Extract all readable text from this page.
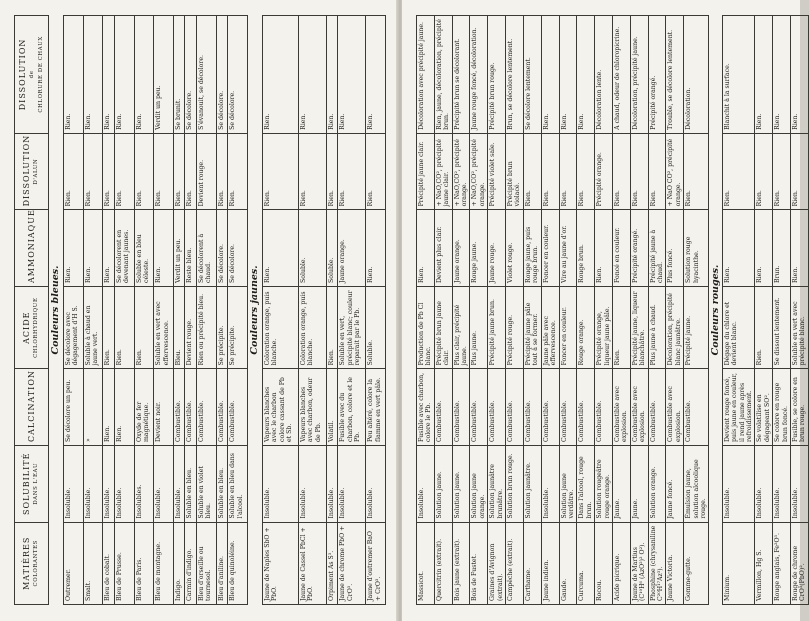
MATIÈRES COLORANTES	SOLUBILITÉ DANS L'EAU	CALCINATION	ACIDE CHLORHYDRIQUE	AMMONIAQUE	DISSOLUTION D'ALUN	DISSOLUTION de CHLORURE DE CHAUX
Couleurs bleues.						
Outremer.	Insoluble.	Se décolore un peu.	Se décolore avec dégagement d'H S.	Rien.	Rien.	Rien.
Smalt.	Insoluble.	»	Soluble à chaud en jaune vert.	Rien.	Rien.	Rien.
Bleu de cobalt.	Insoluble.	Rien.	Rien.	Rien.	Rien.	Rien.
Bleu de Prusse.	Insoluble.	Rien.	Rien.	Se décolorent en devenant jaunes.	Rien.	Rien.
Bleu de Paris.	Insolubles.	Oxyde de fer magnétique.	Rien.	Soluble en bleu céleste.	Rien.	Rien.
Bleu de montagne.	Insoluble.	Devient noir.	Soluble en vert avec effervescence.	Rien.	Rien.	Verdit un peu.
Indigo.	Insoluble.	Combustible.	Bleu.	Verdit un peu.	Rien.	Se brunit.
Carmin d'indigo.	Soluble en bleu.	Combustible.	Devient rouge.	Reste bleu.	Rien.	Se décolore.
Bleu d'orseille ou tournesol.	Soluble en violet bleu.	Combustible.	Rien ou précipité bleu.	Se décolorent à chaud.	Devient rouge.	S'évanouit, se décolore.
Bleu d'aniline.	Soluble en bleu.	Combustible.	Se précipite.	Se décolore.	Rien.	Se décolore.
Bleu de quinoléine.	Soluble en bleu dans l'alcool.	Combustible.	Se précipite.	Se décolore.	Rien.	Se décolore.
Couleurs jaunes.						
Jaune de Naples SbO + PbO.	Insoluble.	Vapeurs blanches avec le charbon colore cassant de Pb et Sb.	Coloration orange, puis blanche.	Rien.	Rien.	Rien.
Jaune de Cassel PbCl + PbO.	Insoluble.	Vapeurs blanches avec charbon, odeur de Pb.	Coloration orange, puis blanche.	Soluble.	Rien.	Rien.
Orpiment As S³.	Insoluble.	Volatil.	Rien.	Soluble.	Rien.	Rien.
Jaune de chrome PbO + CrO³.	Insoluble.	Fusible avec du charbon, colore et le Pb.	Soluble en vert, précipité blanc; couleur reparait par le Pb.	Jaune orange.	Rien.	Rien.
Jaune d'outremer BaO + CrO³.	Insoluble.	Peu altéré, colore la flamme en vert pâle.	Soluble.	Rien.	Rien.	Rien.
Massicot.	Insoluble.	Fusible avec charbon, colore le Pb.	Production de Pb Cl blanc.	Rien.	Précipité jaune clair.	Décoloration avec précipité jaune.
Quercitrin (extrait).	Solution jaune.	Combustible.	Précipité brun jaune clair.	Devient plus clair.	+ NaO,CO², précipité jaune clair.	Rien, jaune, décoloration, précipité brun.
Bois jaune (extrait).	Solution jaune.	Combustible.	Plus clair, précipité jaune.	Jaune orange.	+ NaO,CO², précipité orange.	Précipité brun se décolorant.
Bois de Fustet.	Solution jaune orange.	Combustible.	Plus jaune.	Rouge jaune.	+ NaO,CO², précipité orange.	Jaune rouge foncé, décoloration.
Graines d'Avignon (extrait).	Solution jaunâtre brunâtre.	Combustible.	Précipité jaune brun.	Jaune rouge.	Précipité violet sale.	Précipité brun rouge.
Campêche (extrait).	Solution brun rouge.	Combustible.	Précipité rouge.	Violet rouge.	Précipité brun violacé.	Brun, se décolore lentement.
Carthame.	Solution jaunâtre.	Combustible.	Précipité jaune pâle tout à se former.	Rouge jaune, puis rouge brun.	Rien.	Se décolore lentement.
Jaune indien.	Insoluble.	Combustible.	Jaune pâle avec effervescence.	Foncer en couleur.	Rien.	Rien.
Gaude.	Solution jaune verdâtre.	Combustible.	Foncer en couleur.	Vire au jaune d'or.	Rien.	Rien.
Curcuma.	Dans l'alcool, rouge brun.	Combustible.	Rouge orange.	Rouge brun.	Rien.	Rien.
Rocou.	Solution rougeâtre rouge orange.	Combustible.	Précipité orange, liqueur jaune pâle.	Rien.	Précipité orange.	Décoloration lente.
Acide picrique.	Jaune.	Combustible avec explosion.	Rien.	Foncé en couleur.	Rien.	A chaud, odeur de chloropicrine.
Jaune de Martius (C¹⁰H⁶ (AzO²)² O²).	Jaune.	Combustible avec explosion.	Précipité jaune, liqueur blanchâtre.	Précipité orangé.	Rien.	Décoloration, précipité jaune.
Phosphine (chrysaniline C²⁰H¹⁷Az³).	Solution orange.	Combustible.	Plus jaune à chaud.	Précipité jaune à chaud.	Rien.	Précipité orangé.
Jaune Victoria.	Jaune foncé.	Combustible avec explosion.	Décoloration, précipité blanc jaunâtre.	Plus foncé.	+ NaO CO², précipité orange.	Trouble, se décolore lentement.
Gomme-gutte.	Émulsion jaune, solution alcoolique rouge.	Combustible.	Précipité jaune.	Solution rouge hyacinthe.	Rien.	Décoloration.
Couleurs rouges.						
Minium.	Insoluble.	Devient rouge foncé, puis jaune en couleur, il rend jaune après refroidissement.	Dégage du chlore et devient blanc.	Rien.	Rien.	Blanchit à la surface.
Vermillon, Hg S.	Insoluble.	Se volatilise en dégageant SO².	Rien.	Rien.	Rien.	Rien.
Rouge anglais, Fe²O³.	Insoluble.	Se colore en rouge brun foncé.	Se dissout lentement.	Brun.	Rien.	Rien.
Rouge de chrome CrO³(PbO)².	Insoluble.	Fusible, se colore en brun rouge.	Soluble en vert avec précipité blanc.	Rien.	Rien.	Rien.
